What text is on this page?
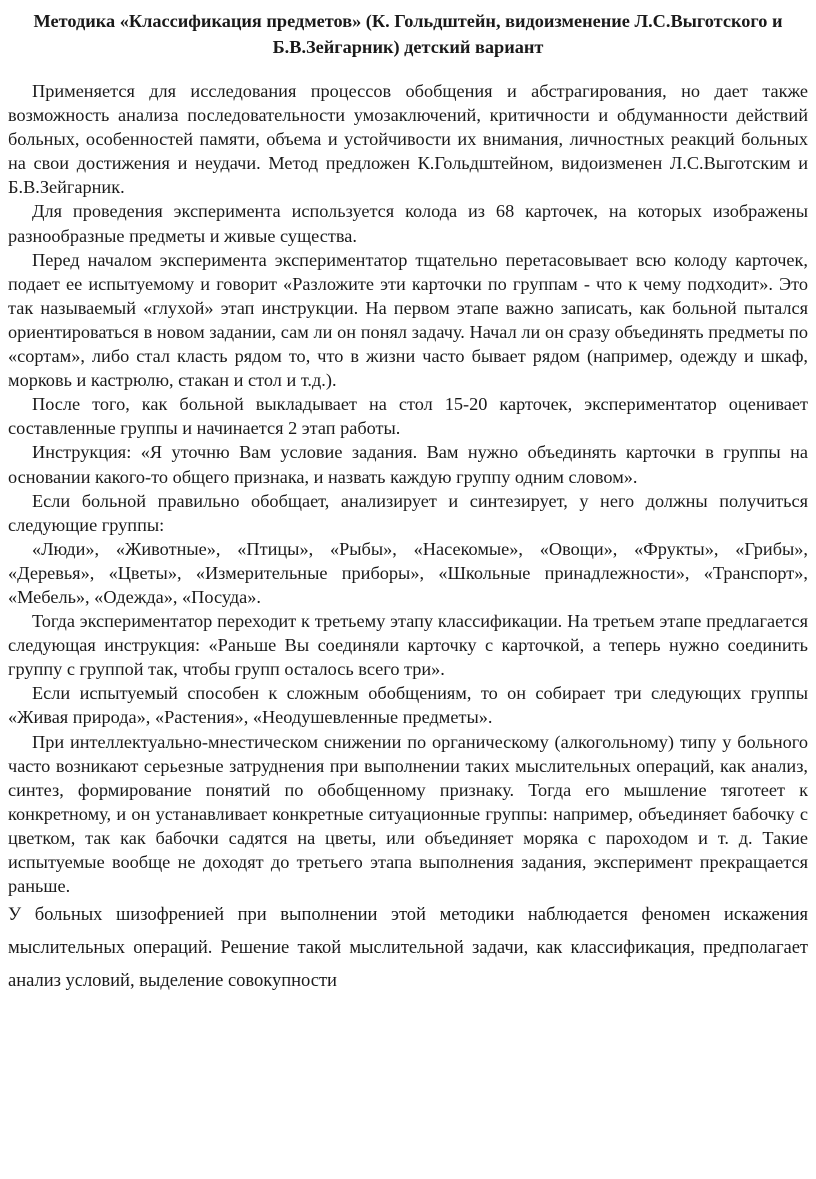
Методика «Классификация предметов» (К. Гольдштейн, видоизменение Л.С.Выготского и Б.В.Зейгарник) детский вариант

Применяется для исследования процессов обобщения и абстрагирования, но дает также возможность анализа последовательности умозаключений, критичности и обдуманности действий больных, особенностей памяти, объема и устойчивости их внимания, личностных реакций больных на свои достижения и неудачи. Метод предложен К.Гольдштейном, видоизменен Л.С.Выготским и Б.В.Зейгарник.

Для проведения эксперимента используется колода из 68 карточек, на которых изображены разнообразные предметы и живые существа.

Перед началом эксперимента экспериментатор тщательно перетасовывает всю колоду карточек, подает ее испытуемому и говорит «Разложите эти карточки по группам - что к чему подходит». Это так называемый «глухой» этап инструкции. На первом этапе важно записать, как больной пытался ориентироваться в новом задании, сам ли он понял задачу. Начал ли он сразу объединять предметы по «сортам», либо стал класть рядом то, что в жизни часто бывает рядом (например, одежду и шкаф, морковь и кастрюлю, стакан и стол и т.д.).

После того, как больной выкладывает на стол 15-20 карточек, экспериментатор оценивает составленные группы и начинается 2 этап работы.

Инструкция: «Я уточню Вам условие задания. Вам нужно объединять карточки в группы на основании какого-то общего признака, и назвать каждую группу одним словом».

Если больной правильно обобщает, анализирует и синтезирует, у него должны получиться следующие группы:

«Люди», «Животные», «Птицы», «Рыбы», «Насекомые», «Овощи», «Фрукты», «Грибы», «Деревья», «Цветы», «Измерительные приборы», «Школьные принадлежности», «Транспорт», «Мебель», «Одежда», «Посуда».

Тогда экспериментатор переходит к третьему этапу классификации. На третьем этапе предлагается следующая инструкция: «Раньше Вы соединяли карточку с карточкой, а теперь нужно соединить группу с группой так, чтобы групп осталось всего три».

Если испытуемый способен к сложным обобщениям, то он собирает три следующих группы «Живая природа», «Растения», «Неодушевленные предметы».

При интеллектуально-мнестическом снижении по органическому (алкогольному) типу у больного часто возникают серьезные затруднения при выполнении таких мыслительных операций, как анализ, синтез, формирование понятий по обобщенному признаку. Тогда его мышление тяготеет к конкретному, и он устанавливает конкретные ситуационные группы: например, объединяет бабочку с цветком, так как бабочки садятся на цветы, или объединяет моряка с пароходом и т. д. Такие испытуемые вообще не доходят до третьего этапа выполнения задания, эксперимент прекращается раньше.

У больных шизофренией при выполнении этой методики наблюдается феномен искажения мыслительных операций. Решение такой мыслительной задачи, как классификация, предполагает анализ условий, выделение совокупности
